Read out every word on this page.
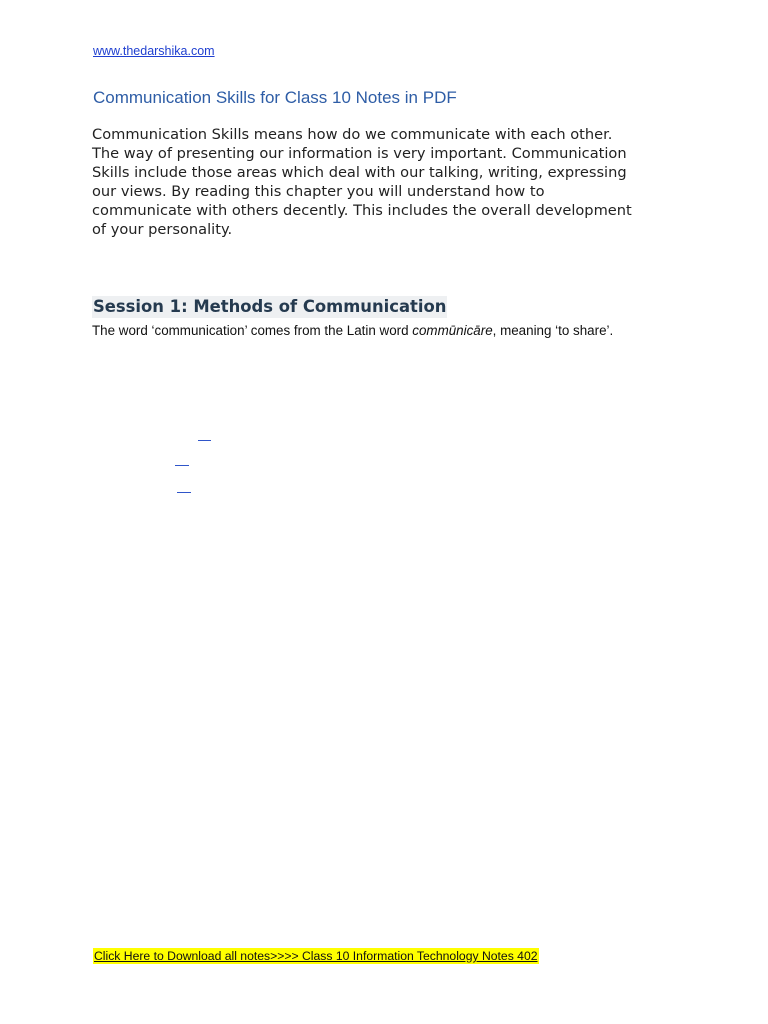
www.thedarshika.com
Communication Skills for Class 10 Notes in PDF

Communication Skills means how do we communicate with each other.
The way of presenting our information is very important. Communication
Skills include those areas which deal with our talking, writing, expressing
our views. By reading this chapter you will understand how to
communicate with others decently. This includes the overall development
of your personality.

Session 1: Methods of Communication

The word ‘communication’ comes from the Latin word commūnicāre, meaning ‘to share’.

Click Here to Download all notes>>>> Class 10 Information Technology Notes 402
